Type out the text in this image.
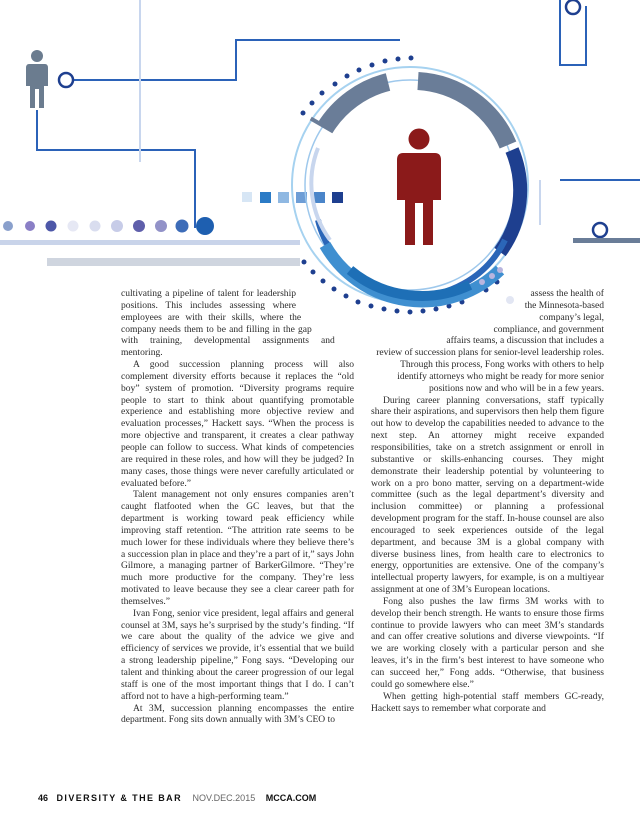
cultivating a pipeline of talent for leadership positions. This includes assessing where employees are with their skills, where the company needs them to be and filling in the gap with training, developmental assignments and mentoring.

A good succession planning process will also complement diversity efforts because it replaces the “old boy” system of promotion. “Diversity programs require people to start to think about quantifying promotable experience and establishing more objective review and evaluation processes,” Hackett says. “When the process is more objective and transparent, it creates a clear pathway people can follow to success. What kinds of competencies are required in these roles, and how will they be judged? In many cases, those things were never carefully articulated or evaluated before.”

Talent management not only ensures companies aren’t caught flatfooted when the GC leaves, but that the department is working toward peak efficiency while improving staff retention. “The attrition rate seems to be much lower for these individuals where they believe there’s a succession plan in place and they’re a part of it,” says John Gilmore, a managing partner of BarkerGilmore. “They’re much more productive for the company. They’re less motivated to leave because they see a clear career path for themselves.”

Ivan Fong, senior vice president, legal affairs and general counsel at 3M, says he’s surprised by the study’s finding. “If we care about the quality of the advice we give and efficiency of services we provide, it’s essential that we build a strong leadership pipeline,” Fong says. “Developing our talent and thinking about the career progression of our legal staff is one of the most important things that I do. I can’t afford not to have a high-performing team.”

At 3M, succession planning encompasses the entire department. Fong sits down annually with 3M’s CEO to

assess the health of the Minnesota-based company’s legal, compliance, and government affairs teams, a discussion that includes a review of succession plans for senior-level leadership roles. Through this process, Fong works with others to help identify attorneys who might be ready for more senior positions now and who will be in a few years.

During career planning conversations, staff typically share their aspirations, and supervisors then help them figure out how to develop the capabilities needed to advance to the next step. An attorney might receive expanded responsibilities, take on a stretch assignment or enroll in substantive or skills-enhancing courses. They might demonstrate their leadership potential by volunteering to work on a pro bono matter, serving on a department-wide committee (such as the legal department’s diversity and inclusion committee) or planning a professional development program for the staff. In-house counsel are also encouraged to seek experiences outside of the legal department, and because 3M is a global company with diverse business lines, from health care to electronics to energy, opportunities are extensive. One of the company’s intellectual property lawyers, for example, is on a multiyear assignment at one of 3M’s European locations.

Fong also pushes the law firms 3M works with to develop their bench strength. He wants to ensure those firms continue to provide lawyers who can meet 3M’s standards and can offer creative solutions and diverse viewpoints. “If we are working closely with a particular person and she leaves, it’s in the firm’s best interest to have someone who can succeed her,” Fong adds. “Otherwise, that business could go somewhere else.”

When getting high-potential staff members GC-ready, Hackett says to remember what corporate and

46 DIVERSITY & THE BAR NOV.DEC.2015 MCCA.COM
